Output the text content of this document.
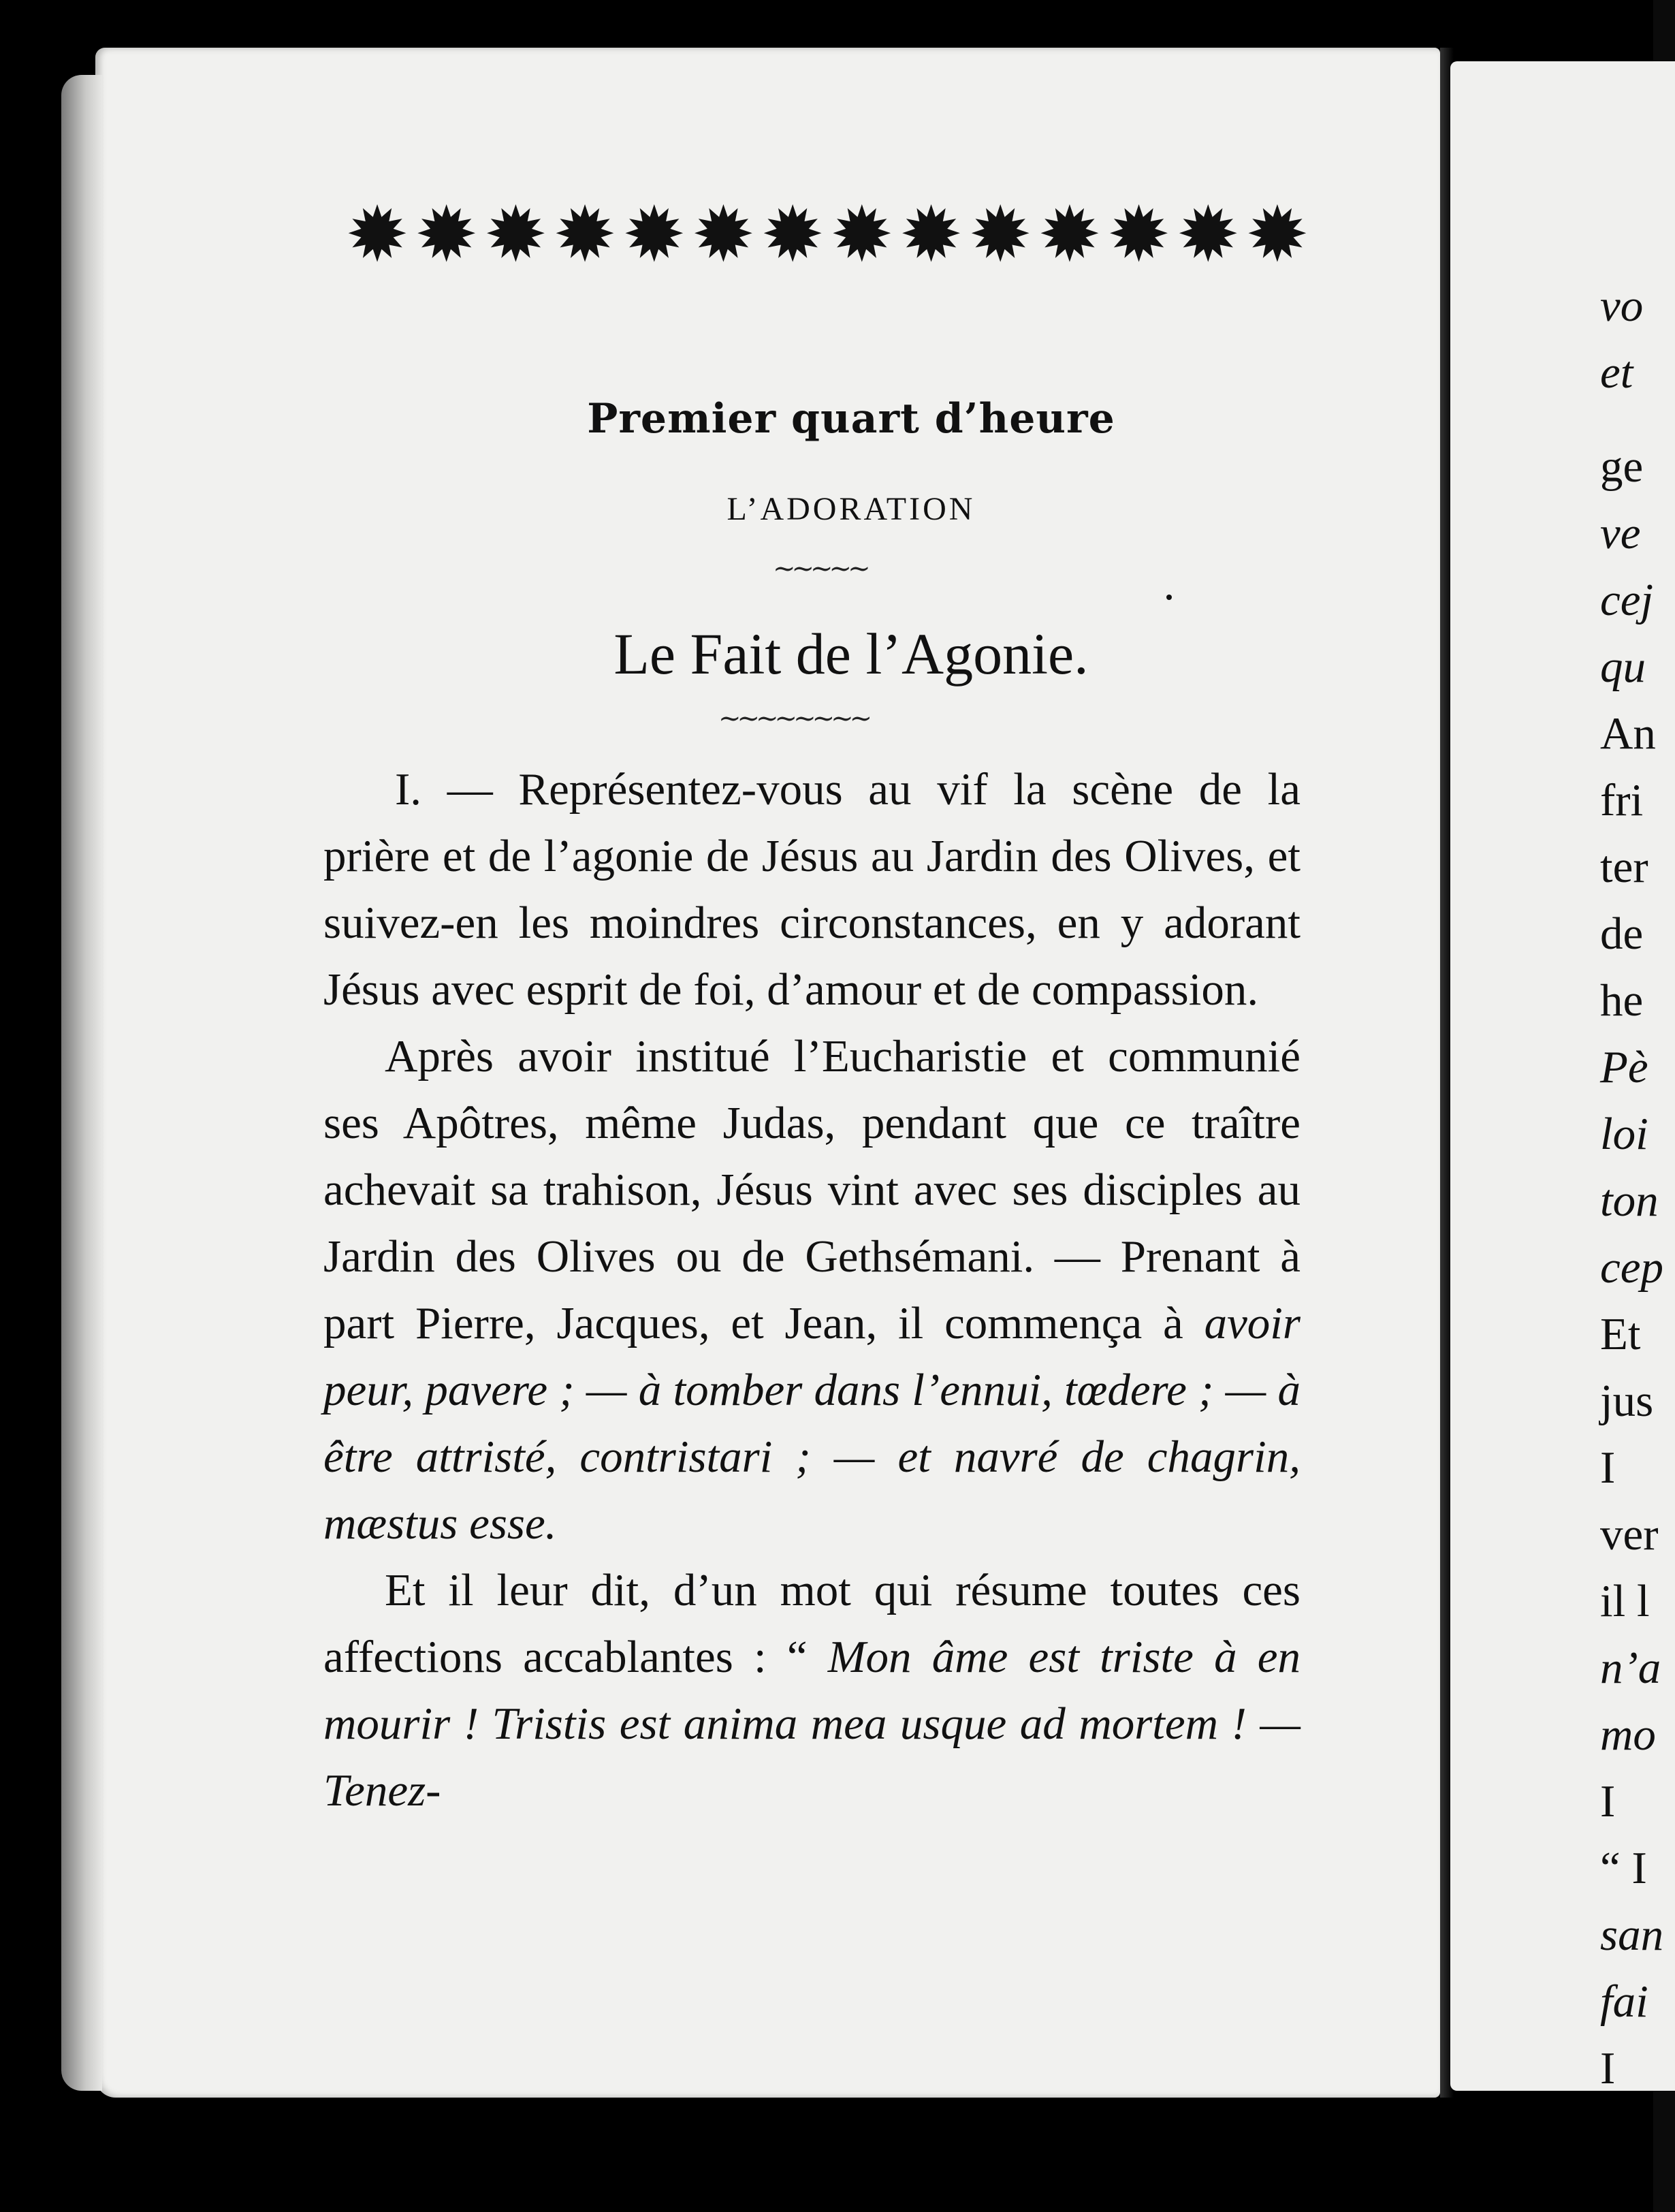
✹ ✹ ✹ ✹ ✹ ✹ ✹ ✹ ✹ ✹ ✹ ✹ ✹ ✹
Premier quart d’heure
L’ADORATION
~~~~~
Le Fait de l’Agonie.
~~~~~~~~

I. — Représentez-vous au vif la scène de la prière et de l’agonie de Jésus au Jardin des Olives, et suivez-en les moindres circonstances, en y adorant Jésus avec esprit de foi, d’amour et de compassion.

Après avoir institué l’Eucharistie et communié ses Apôtres, même Judas, pendant que ce traître achevait sa trahison, Jésus vint avec ses disciples au Jardin des Olives ou de Gethsémani. — Prenant à part Pierre, Jacques, et Jean, il commença à avoir peur, pavere ; — à tomber dans l’ennui, tœdere ; — à être attristé, contristari ; — et navré de chagrin, mæstus esse.

Et il leur dit, d’un mot qui résume toutes ces affections accablantes : “ Mon âme est triste à en mourir ! Tristis est anima mea usque ad mortem ! — Tenez-

vo
et
ge
ve
cej
qu
An
fri
ter
de
he
Pè
loi
ton
cep
Et
jus
I
ver
il l
n’a
mo
I
“ I
san
fai
I
